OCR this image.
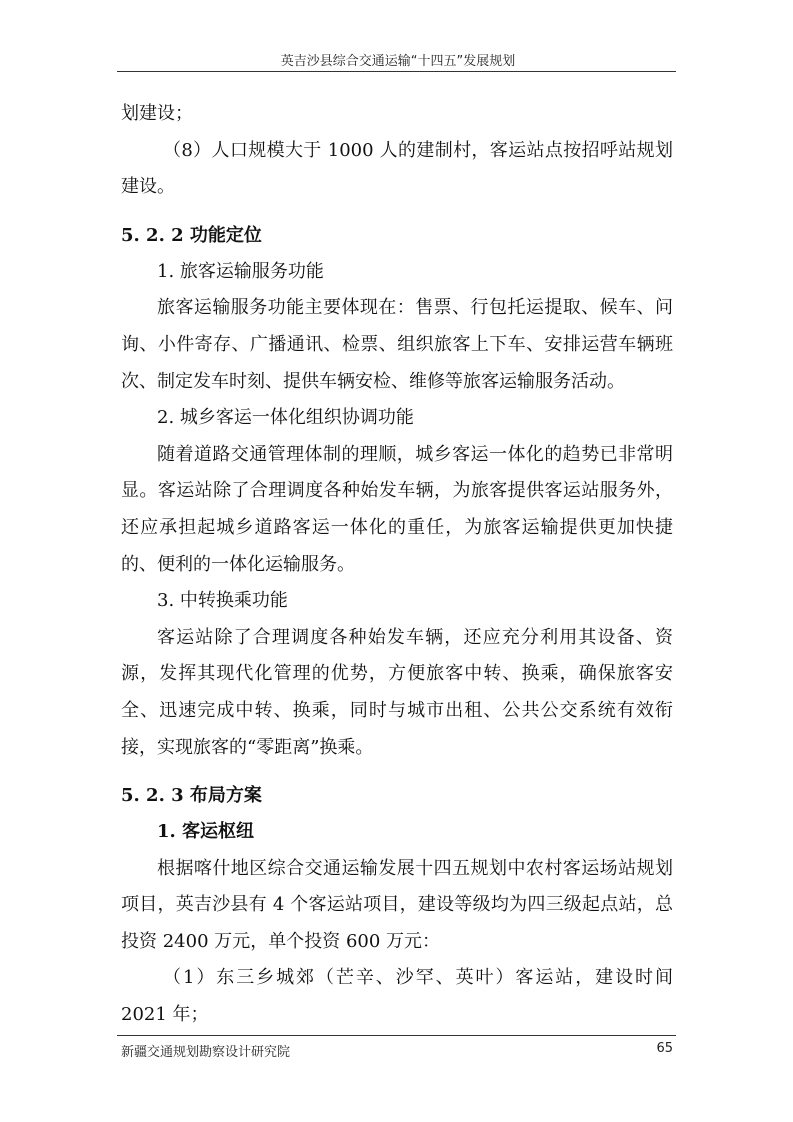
英吉沙县综合交通运输“十四五”发展规划

划建设；

（8）人口规模大于 1000 人的建制村，客运站点按招呼站规划建设。

5. 2. 2 功能定位

1. 旅客运输服务功能

旅客运输服务功能主要体现在：售票、行包托运提取、候车、问询、小件寄存、广播通讯、检票、组织旅客上下车、安排运营车辆班次、制定发车时刻、提供车辆安检、维修等旅客运输服务活动。

2. 城乡客运一体化组织协调功能

随着道路交通管理体制的理顺，城乡客运一体化的趋势已非常明显。客运站除了合理调度各种始发车辆，为旅客提供客运站服务外，还应承担起城乡道路客运一体化的重任，为旅客运输提供更加快捷的、便利的一体化运输服务。

3. 中转换乘功能

客运站除了合理调度各种始发车辆，还应充分利用其设备、资源，发挥其现代化管理的优势，方便旅客中转、换乘，确保旅客安全、迅速完成中转、换乘，同时与城市出租、公共公交系统有效衔接，实现旅客的“零距离”换乘。

5. 2. 3 布局方案

1. 客运枢纽

根据喀什地区综合交通运输发展十四五规划中农村客运场站规划项目，英吉沙县有 4 个客运站项目，建设等级均为四三级起点站，总投资 2400 万元，单个投资 600 万元：

（1）东三乡城郊（芒辛、沙罕、英叶）客运站，建设时间 2021 年；

新疆交通规划勘察设计研究院	65
